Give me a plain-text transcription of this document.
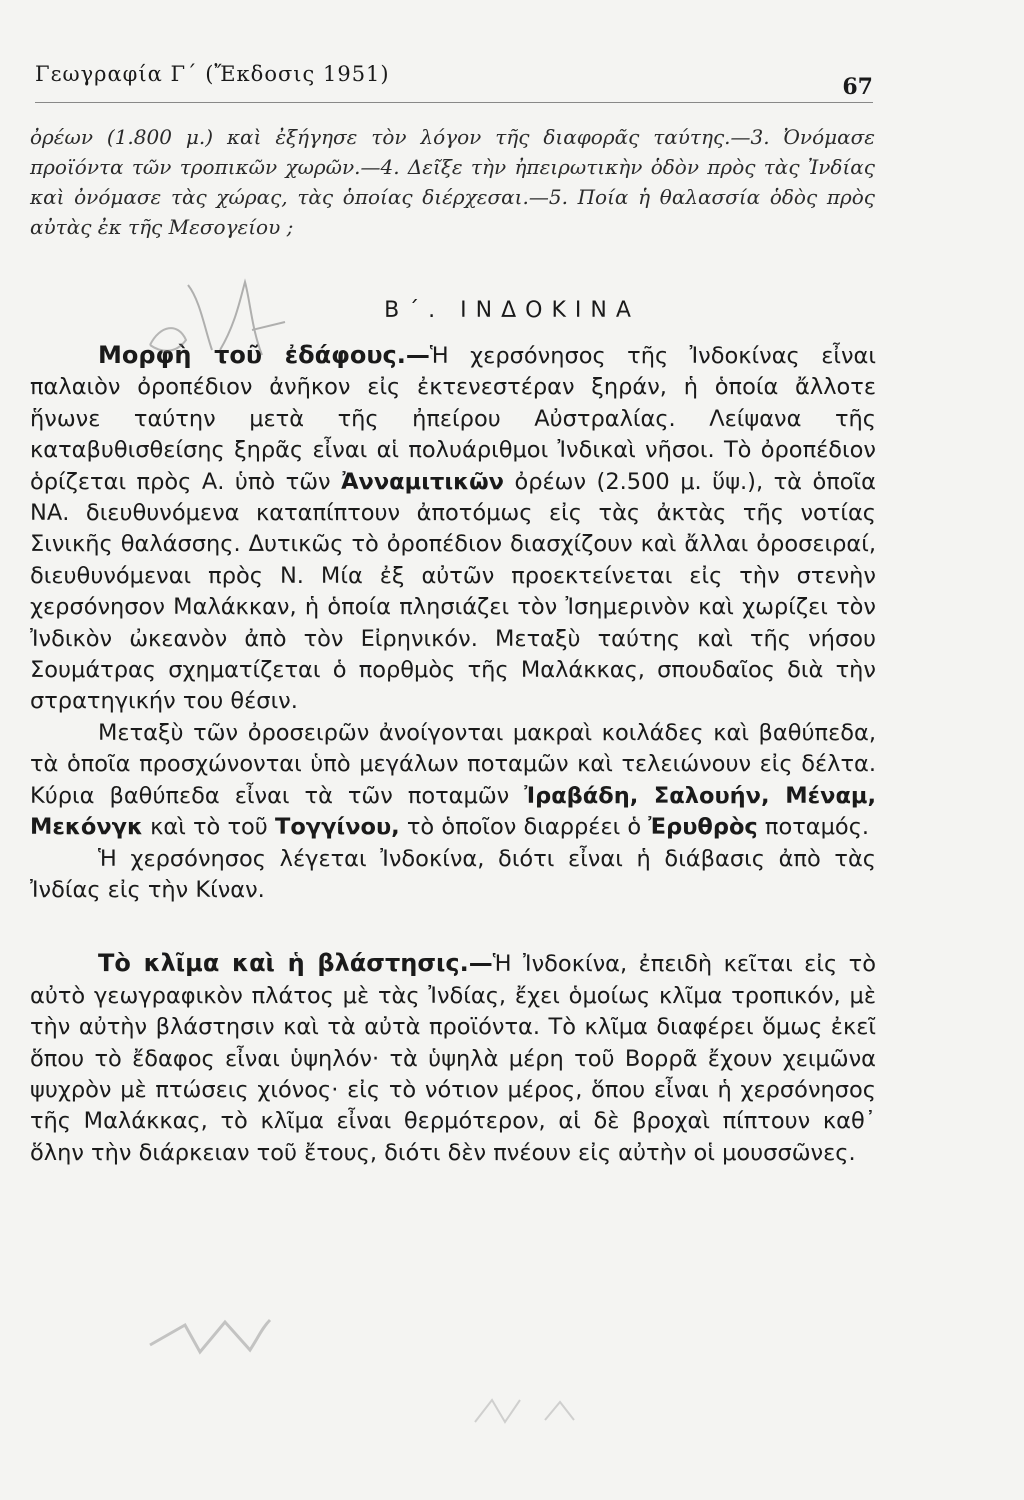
Γεωγραφία Γ΄ (Ἔκδοσις 1951)	67

ὀρέων (1.800 μ.) καὶ ἐξήγησε τὸν λόγον τῆς διαφορᾶς ταύτης.—3. Ὀνόμασε προϊόντα τῶν τροπικῶν χωρῶν.—4. Δεῖξε τὴν ἠπειρωτικὴν ὁδὸν πρὸς τὰς Ἰνδίας καὶ ὀνόμασε τὰς χώρας, τὰς ὁποίας διέρχεσαι.—5. Ποία ἡ θαλασσία ὁδὸς πρὸς αὐτὰς ἐκ τῆς Μεσογείου ;

Β΄. ΙΝΔΟΚΙΝΑ

Μορφὴ τοῦ ἐδάφους.—Ἡ χερσόνησος τῆς Ἰνδοκίνας εἶναι παλαιὸν ὀροπέδιον ἀνῆκον εἰς ἐκτενεστέραν ξηράν, ἡ ὁποία ἄλλοτε ἥνωνε ταύτην μετὰ τῆς ἠπείρου Αὐστραλίας. Λείψανα τῆς καταβυθισθείσης ξηρᾶς εἶναι αἱ πολυάριθμοι Ἰνδικαὶ νῆσοι. Τὸ ὀροπέδιον ὁρίζεται πρὸς Α. ὑπὸ τῶν Ἀνναμιτικῶν ὀρέων (2.500 μ. ὕψ.), τὰ ὁποῖα ΝΑ. διευθυνόμενα καταπίπτουν ἀποτόμως εἰς τὰς ἀκτὰς τῆς νοτίας Σινικῆς θαλάσσης. Δυτικῶς τὸ ὀροπέδιον διασχίζουν καὶ ἄλλαι ὀροσειραί, διευθυνόμεναι πρὸς Ν. Μία ἐξ αὐτῶν προεκτείνεται εἰς τὴν στενὴν χερσόνησον Μαλάκκαν, ἡ ὁποία πλησιάζει τὸν Ἰσημερινὸν καὶ χωρίζει τὸν Ἰνδικὸν ὠκεανὸν ἀπὸ τὸν Εἰρηνικόν. Μεταξὺ ταύτης καὶ τῆς νήσου Σουμάτρας σχηματίζεται ὁ πορθμὸς τῆς Μαλάκκας, σπουδαῖος διὰ τὴν στρατηγικήν του θέσιν.

Μεταξὺ τῶν ὀροσειρῶν ἀνοίγονται μακραὶ κοιλάδες καὶ βαθύπεδα, τὰ ὁποῖα προσχώνονται ὑπὸ μεγάλων ποταμῶν καὶ τελειώνουν εἰς δέλτα. Κύρια βαθύπεδα εἶναι τὰ τῶν ποταμῶν Ἰραβάδη, Σαλουήν, Μέναμ, Μεκόνγκ καὶ τὸ τοῦ Τογγίνου, τὸ ὁποῖον διαρρέει ὁ Ἐρυθρὸς ποταμός.

Ἡ χερσόνησος λέγεται Ἰνδοκίνα, διότι εἶναι ἡ διάβασις ἀπὸ τὰς Ἰνδίας εἰς τὴν Κίναν.

Τὸ κλῖμα καὶ ἡ βλάστησις.—Ἡ Ἰνδοκίνα, ἐπειδὴ κεῖται εἰς τὸ αὐτὸ γεωγραφικὸν πλάτος μὲ τὰς Ἰνδίας, ἔχει ὁμοίως κλῖμα τροπικόν, μὲ τὴν αὐτὴν βλάστησιν καὶ τὰ αὐτὰ προϊόντα. Τὸ κλῖμα διαφέρει ὅμως ἐκεῖ ὅπου τὸ ἔδαφος εἶναι ὑψηλόν· τὰ ὑψηλὰ μέρη τοῦ Βορρᾶ ἔχουν χειμῶνα ψυχρὸν μὲ πτώσεις χιόνος· εἰς τὸ νότιον μέρος, ὅπου εἶναι ἡ χερσόνησος τῆς Μαλάκκας, τὸ κλῖμα εἶναι θερμότερον, αἱ δὲ βροχαὶ πίπτουν καθ᾿ ὅλην τὴν διάρκειαν τοῦ ἔτους, διότι δὲν πνέουν εἰς αὐτὴν οἱ μουσσῶνες.
